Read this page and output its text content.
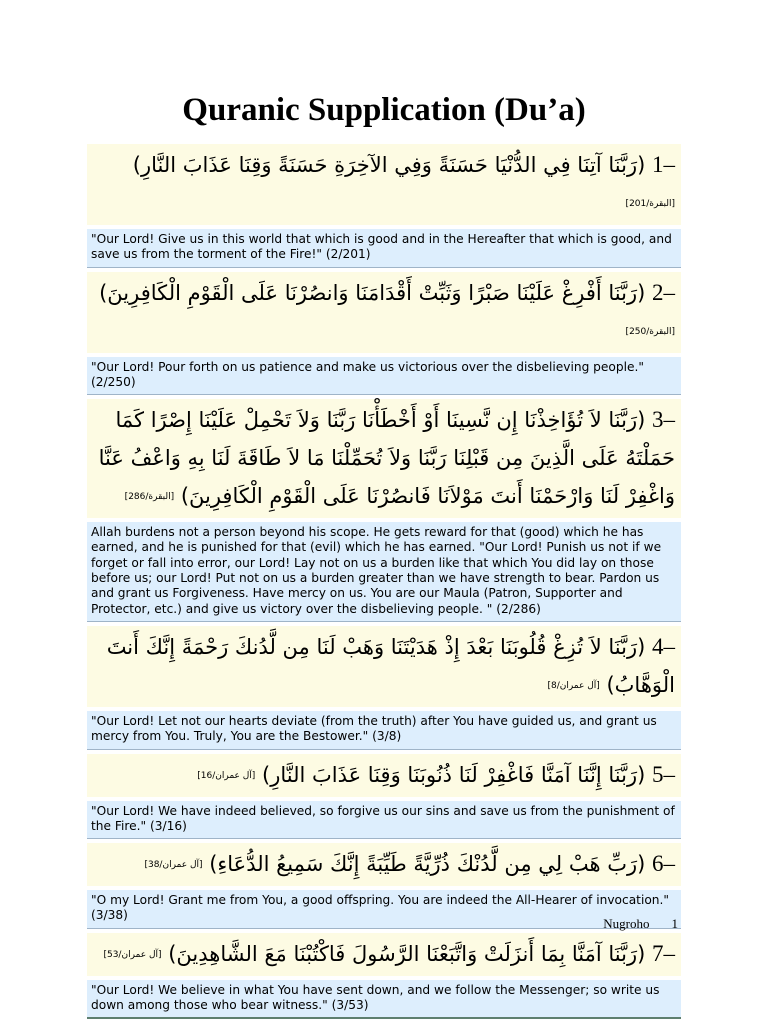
Quranic Supplication (Du’a)
1– (رَبَّنَا آتِنَا فِي الدُّنْيَا حَسَنَةً وَفِي الآخِرَةِ حَسَنَةً وَقِنَا عَذَابَ النَّارِ) [البقرة/201]
"Our Lord! Give us in this world that which is good and in the Hereafter that which is good, and save us from the torment of the Fire!" (2/201)
2– (رَبَّنَا أَفْرِغْ عَلَيْنَا صَبْرًا وَثَبِّتْ أَقْدَامَنَا وَانصُرْنَا عَلَى الْقَوْمِ الْكَافِرِينَ) [البقرة/250]
"Our Lord! Pour forth on us patience and make us victorious over the disbelieving people." (2/250)
3– (رَبَّنَا لاَ تُؤَاخِذْنَا إِن نَّسِينَا أَوْ أَخْطَأْنَا رَبَّنَا وَلاَ تَحْمِلْ عَلَيْنَا إِصْرًا كَمَا حَمَلْتَهُ عَلَى الَّذِينَ مِن قَبْلِنَا رَبَّنَا وَلاَ تُحَمِّلْنَا مَا لاَ طَاقَةَ لَنَا بِهِ وَاعْفُ عَنَّا وَاغْفِرْ لَنَا وَارْحَمْنَا أَنتَ مَوْلاَنَا فَانصُرْنَا عَلَى الْقَوْمِ الْكَافِرِينَ) [البقرة/286]
Allah burdens not a person beyond his scope. He gets reward for that (good) which he has earned, and he is punished for that (evil) which he has earned. "Our Lord! Punish us not if we forget or fall into error, our Lord! Lay not on us a burden like that which You did lay on those before us; our Lord! Put not on us a burden greater than we have strength to bear. Pardon us and grant us Forgiveness. Have mercy on us. You are our Maula (Patron, Supporter and Protector, etc.) and give us victory over the disbelieving people. " (2/286)
4– (رَبَّنَا لاَ تُزِغْ قُلُوبَنَا بَعْدَ إِذْ هَدَيْتَنَا وَهَبْ لَنَا مِن لَّدُنكَ رَحْمَةً إِنَّكَ أَنتَ الْوَهَّابُ) [آل عمران/8]
"Our Lord! Let not our hearts deviate (from the truth) after You have guided us, and grant us mercy from You. Truly, You are the Bestower." (3/8)
5– (رَبَّنَا إِنَّنَا آمَنَّا فَاغْفِرْ لَنَا ذُنُوبَنَا وَقِنَا عَذَابَ النَّارِ) [آل عمران/16]
"Our Lord! We have indeed believed, so forgive us our sins and save us from the punishment of the Fire." (3/16)
6– (رَبِّ هَبْ لِي مِن لَّدُنْكَ ذُرِّيَّةً طَيِّبَةً إِنَّكَ سَمِيعُ الدُّعَاءِ) [آل عمران/38]
"O my Lord! Grant me from You, a good offspring. You are indeed the All-Hearer of invocation." (3/38)
7– (رَبَّنَا آمَنَّا بِمَا أَنزَلَتْ وَاتَّبَعْنَا الرَّسُولَ فَاكْتُبْنَا مَعَ الشَّاهِدِينَ) [آل عمران/53]
"Our Lord! We believe in what You have sent down, and we follow the Messenger; so write us down among those who bear witness." (3/53)
Nugroho 1
